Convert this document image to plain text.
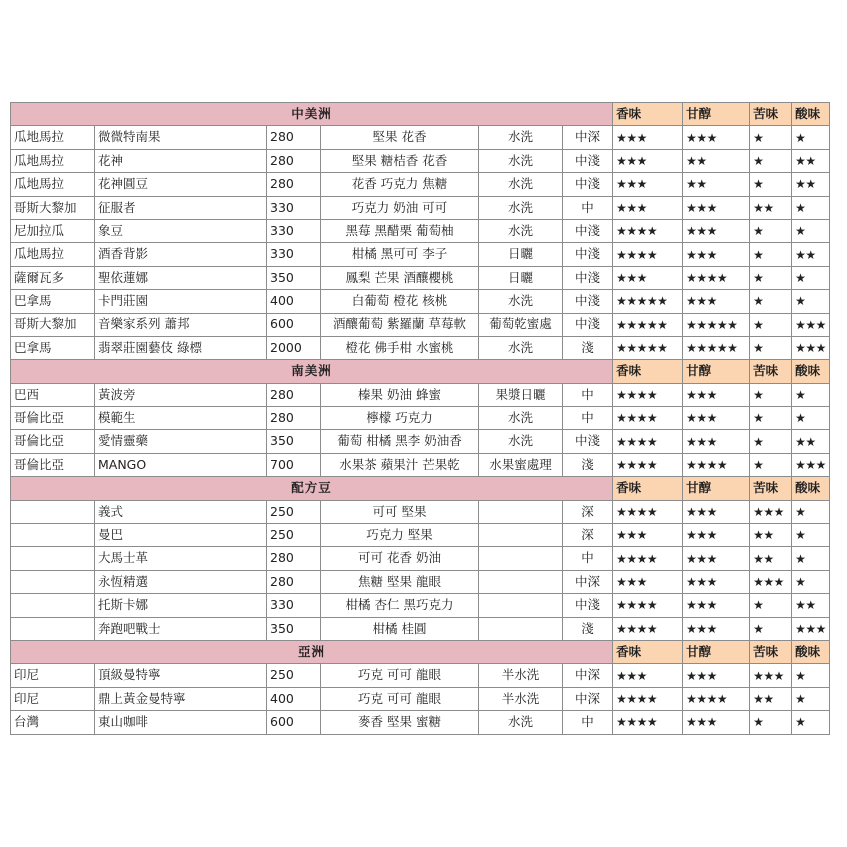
中美洲						香味	甘醇	苦味	酸味
瓜地馬拉	微微特南果	280	堅果 花香	水洗	中深	★★★	★★★	★	★
瓜地馬拉	花神	280	堅果 糖桔香 花香	水洗	中淺	★★★	★★	★	★★
瓜地馬拉	花神圓豆	280	花香 巧克力 焦糖	水洗	中淺	★★★	★★	★	★★
哥斯大黎加	征服者	330	巧克力 奶油 可可	水洗	中	★★★	★★★	★★	★
尼加拉瓜	象豆	330	黑莓 黑醋栗 葡萄柚	水洗	中淺	★★★★	★★★	★	★
瓜地馬拉	酒香背影	330	柑橘 黑可可 李子	日曬	中淺	★★★★	★★★	★	★★
薩爾瓦多	聖依蓮娜	350	鳳梨 芒果 酒釀櫻桃	日曬	中淺	★★★	★★★★	★	★
巴拿馬	卡門莊園	400	白葡萄 橙花 核桃	水洗	中淺	★★★★★	★★★	★	★
哥斯大黎加	音樂家系列 蕭邦	600	酒釀葡萄 紫羅蘭 草莓軟	葡萄乾蜜處	中淺	★★★★★	★★★★★	★	★★★
巴拿馬	翡翠莊園藝伎 綠標	2000	橙花 佛手柑 水蜜桃	水洗	淺	★★★★★	★★★★★	★	★★★
南美洲						香味	甘醇	苦味	酸味
巴西	黃波旁	280	榛果 奶油 蜂蜜	果漿日曬	中	★★★★	★★★	★	★
哥倫比亞	模範生	280	檸檬 巧克力	水洗	中	★★★★	★★★	★	★
哥倫比亞	愛情靈藥	350	葡萄 柑橘 黑李 奶油香	水洗	中淺	★★★★	★★★	★	★★
哥倫比亞	MANGO	700	水果茶 蘋果汁 芒果乾	水果蜜處理	淺	★★★★	★★★★	★	★★★
配方豆						香味	甘醇	苦味	酸味
	義式	250	可可 堅果		深	★★★★	★★★	★★★	★
	曼巴	250	巧克力 堅果		深	★★★	★★★	★★	★
	大馬士革	280	可可 花香 奶油		中	★★★★	★★★	★★	★
	永恆精選	280	焦糖 堅果 龍眼		中深	★★★	★★★	★★★	★
	托斯卡娜	330	柑橘 杏仁 黑巧克力		中淺	★★★★	★★★	★	★★
	奔跑吧戰士	350	柑橘 桂圓		淺	★★★★	★★★	★	★★★
亞洲						香味	甘醇	苦味	酸味
印尼	頂級曼特寧	250	巧克 可可 龍眼	半水洗	中深	★★★	★★★	★★★	★
印尼	鼎上黃金曼特寧	400	巧克 可可 龍眼	半水洗	中深	★★★★	★★★★	★★	★
台灣	東山咖啡	600	麥香 堅果 蜜糖	水洗	中	★★★★	★★★	★	★
